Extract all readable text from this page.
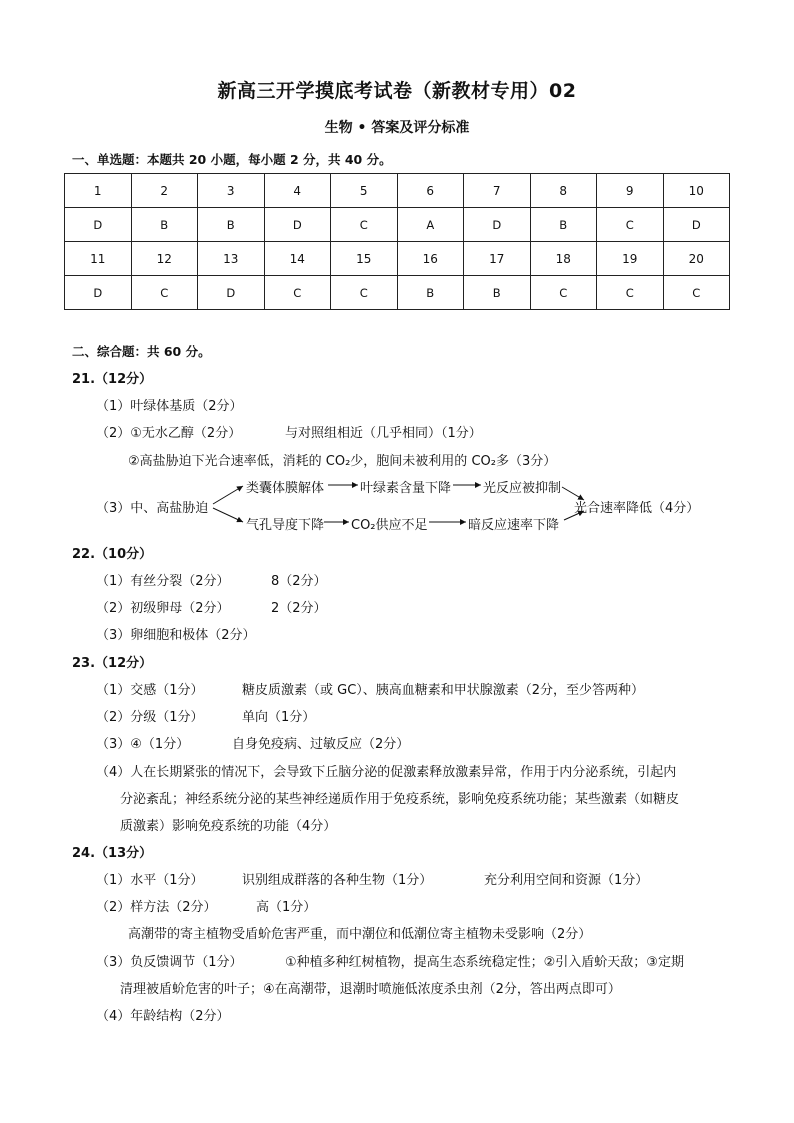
新高三开学摸底考试卷（新教材专用）02
生物 • 答案及评分标准
一、单选题：本题共 20 小题，每小题 2 分，共 40 分。
1	2	3	4	5	6	7	8	9	10
D	B	B	D	C	A	D	B	C	D
11	12	13	14	15	16	17	18	19	20
D	C	D	C	C	B	B	C	C	C
二、综合题：共 60 分。
21.（12分）
（1）叶绿体基质（2分）
（2）①无水乙醇（2分）	与对照组相近（几乎相同）（1分）
②高盐胁迫下光合速率低，消耗的 CO₂少，胞间未被利用的 CO₂多（3分）
（3）中、高盐胁迫
类囊体膜解体	叶绿素含量下降 光反应被抑制
气孔导度下降 CO₂供应不足	暗反应速率下降
光合速率降低（4分）
22.（10分）
（1）有丝分裂（2分）	8（2分）
（2）初级卵母（2分）	2（2分）
（3）卵细胞和极体（2分）
23.（12分）
（1）交感（1分）	糖皮质激素（或 GC）、胰高血糖素和甲状腺激素（2分，至少答两种）
（2）分级（1分）	单向（1分）
（3）④（1分）	自身免疫病、过敏反应（2分）
（4）人在长期紧张的情况下，会导致下丘脑分泌的促激素释放激素异常，作用于内分泌系统，引起内
分泌紊乱；神经系统分泌的某些神经递质作用于免疫系统，影响免疫系统功能；某些激素（如糖皮
质激素）影响免疫系统的功能（4分）
24.（13分）
（1）水平（1分）	识别组成群落的各种生物（1分）	充分利用空间和资源（1分）
（2）样方法（2分）	高（1分）
高潮带的寄主植物受盾蚧危害严重，而中潮位和低潮位寄主植物未受影响（2分）
（3）负反馈调节（1分）	①种植多种红树植物，提高生态系统稳定性；②引入盾蚧天敌；③定期
清理被盾蚧危害的叶子；④在高潮带，退潮时喷施低浓度杀虫剂（2分，答出两点即可）
（4）年龄结构（2分）
